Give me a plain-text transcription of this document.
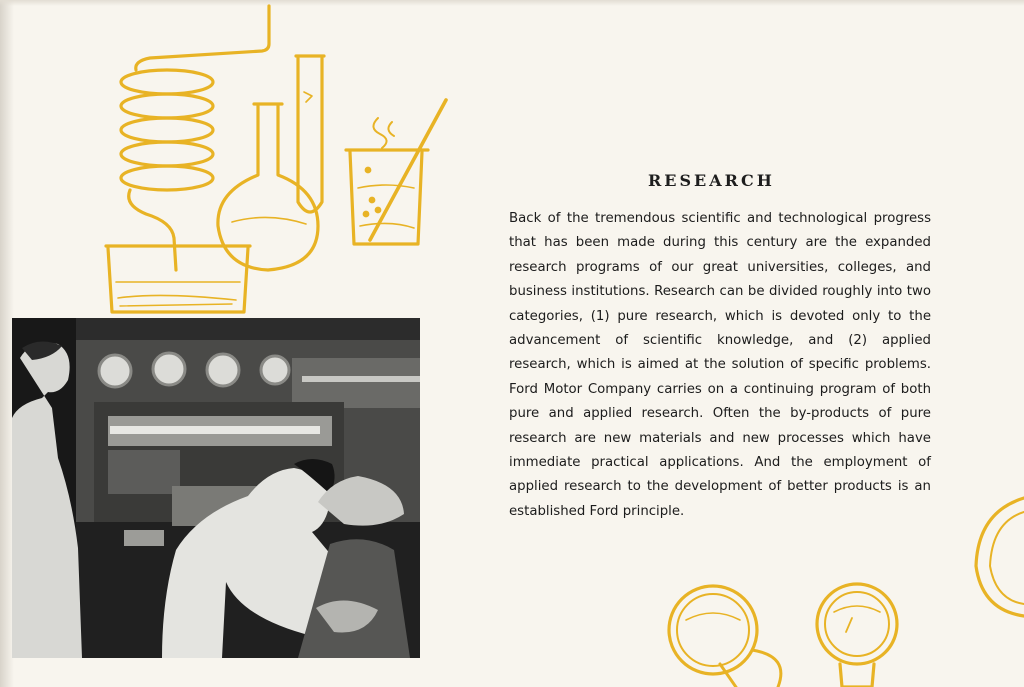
RESEARCH

Back of the tremendous scientific and technological progress that has been made during this century are the expanded research programs of our great universities, colleges, and business institutions. Research can be divided roughly into two categories, (1) pure research, which is devoted only to the advancement of scientific knowledge, and (2) applied research, which is aimed at the solution of specific problems. Ford Motor Company carries on a continuing program of both pure and applied research. Often the by-products of pure research are new materials and new processes which have immediate practical applications. And the employment of applied research to the development of better products is an established Ford principle.
